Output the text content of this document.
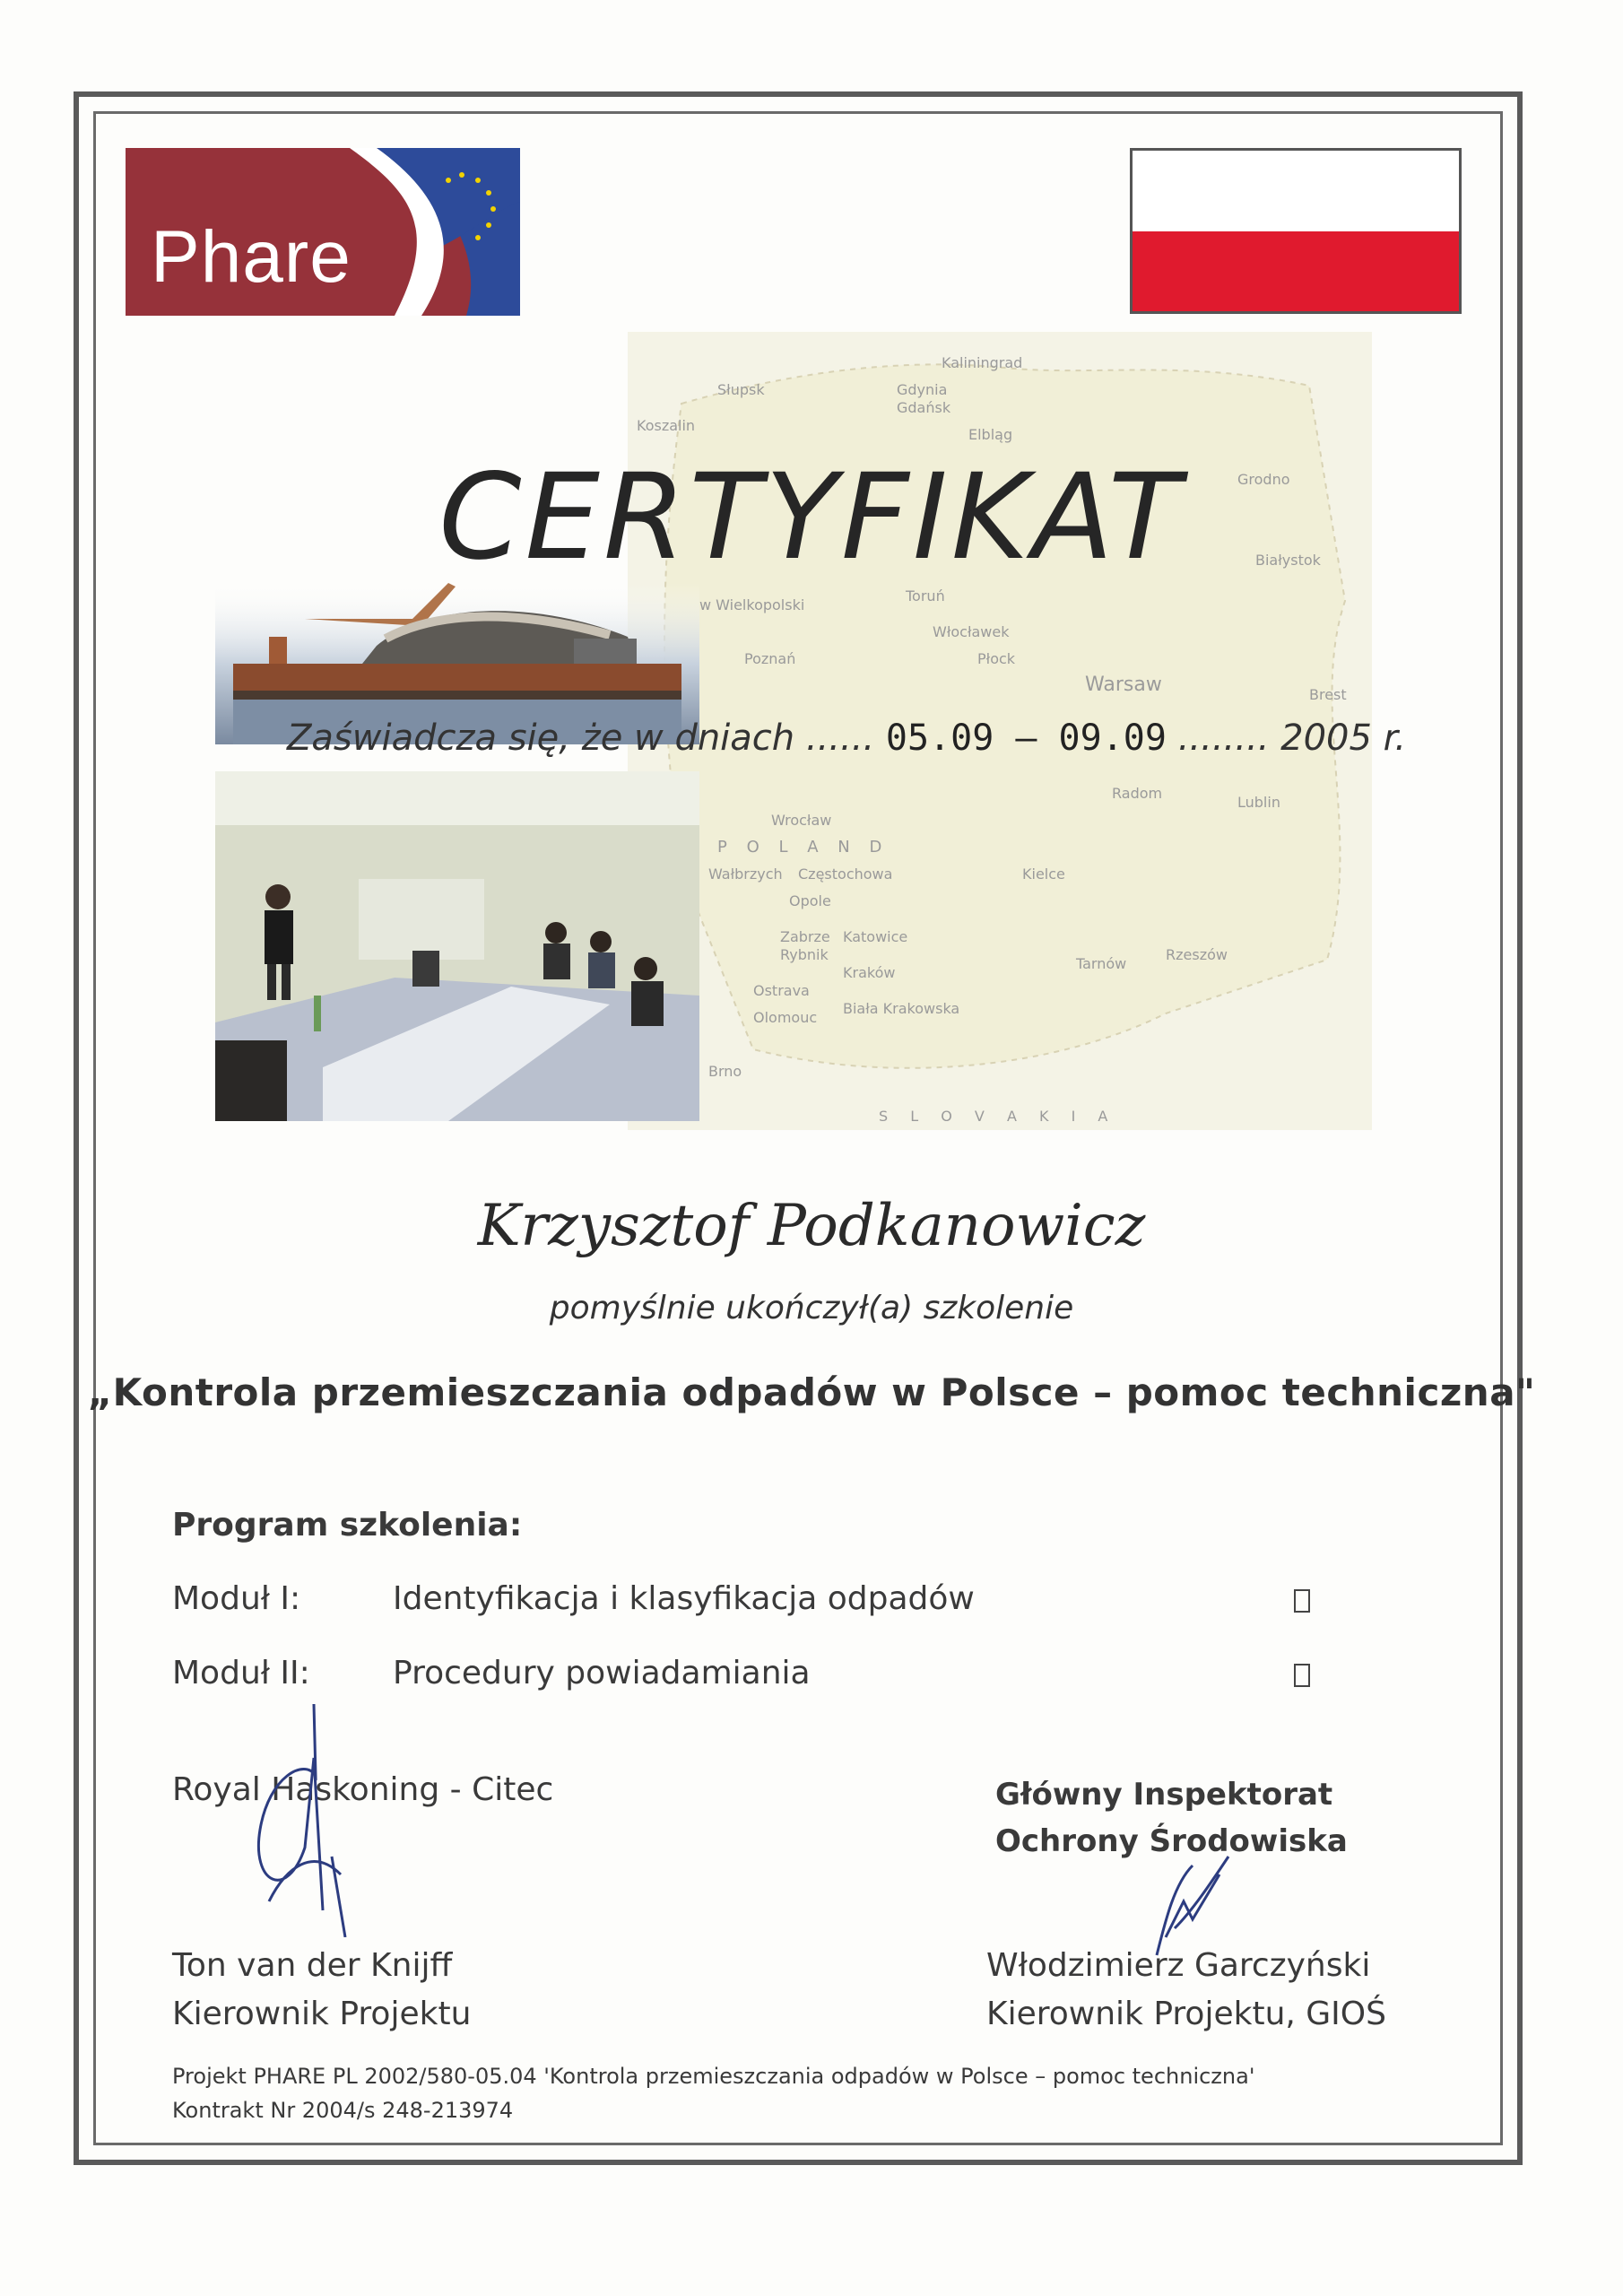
Phare
Kaliningrad
Słupsk	Gdynia
Gdańsk
Koszalin
Elbląg
Grodno
Białystok
Toruń
w Wielkopolski
Włocławek
Płock
Poznań
Warsaw	Brest
Radom
Lublin
Wrocław
P O L A N D
Wałbrzych Częstochowa	Kielce
Opole
Zabrze Katowice
Rybnik
Kraków
Tarnów
Rzeszów
Ostrava
Biała Krakowska
Olomouc
Brno
S L O V A K I A
CERTYFIKAT
Zaświadcza się, że w dniach ...... 05.09 – 09.09 ........ 2005 r.
Krzysztof Podkanowicz
pomyślnie ukończył(a) szkolenie
„Kontrola przemieszczania odpadów w Polsce – pomoc techniczna"
Program szkolenia:
Moduł I:	Identyfikacja i klasyfikacja odpadów
Moduł II:	Procedury powiadamiania
Royal Haskoning - Citec	Główny Inspektorat
Ochrony Środowiska
Ton van der Knijff
Kierownik Projektu
Włodzimierz Garczyński
Kierownik Projektu, GIOŚ
Projekt PHARE PL 2002/580-05.04 'Kontrola przemieszczania odpadów w Polsce – pomoc techniczna'
Kontrakt Nr 2004/s 248-213974
